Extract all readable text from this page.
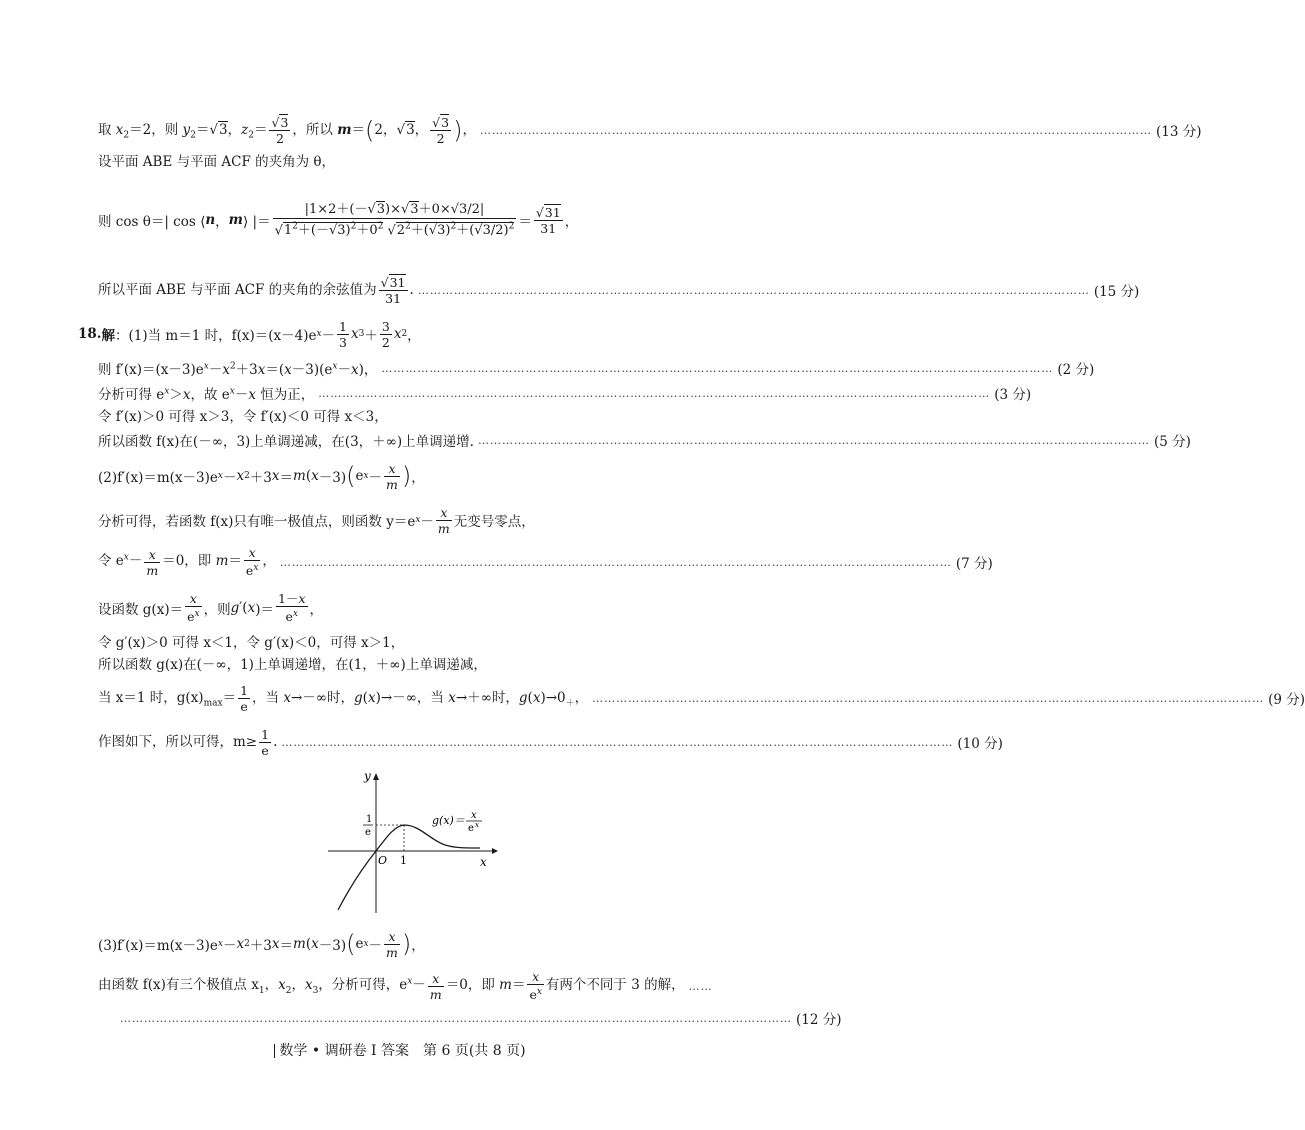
取 $x_2=2$，则 $y_2=√3$，$z_2= \frac{√3}{2}$ ，所以 m＝(2，√3， $\frac{√3}{2}$ )， …………………………………………………………………………………………………………………………………………………… (13 分)
设平面 ABE 与平面 ACF 的夹角为 θ，
则 cos θ＝| cos ⟨ n ， m ⟩ |＝ $\frac{|1\times 2+(-√3)\times√3+0\times√3/2|}{√1^2+(-√3)^2+0^2 √2^2+(√3)^2+(√3/2)^2} = \frac{√31}{31}$ ，
所以平面 ABE 与平面 ACF 的夹角的余弦值为 $\frac{√31}{31}$ . …………………………………………………………………………………………………………………………………………………… (15 分)
18. 解 ：(1)当 m＝1 时，f(x)＝(x－4)e $x - \frac{1}{3}$ x $3 + \frac{3}{2}$ x 2 ，
则 $f'(x)=(x-3)e^x-x^2+3x=(x-3)(e^x-x)$， …………………………………………………………………………………………………………………………………………………… (2 分)
分析可得 $e^x>x$，故 $e^x-x$ 恒为正， …………………………………………………………………………………………………………………………………………………… (3 分)
令 f′(x)＞0 可得 x＞3，令 f′(x)＜0 可得 x＜3，
所以函数 f(x)在(－∞，3)上单调递减，在(3，＋∞)上单调递增. …………………………………………………………………………………………………………………………………………………… (5 分)
(2)f′(x)＝m(x－3)e x － x 2 ＋3 x ＝ m ( x －3) ( e $x - \frac{x}{m}$ ) ，
分析可得，若函数 f(x)只有唯一极值点，则函数 y＝e $x - \frac{x}{m}$ 无变号零点，
令 $e^x- \frac{x}{m} =0$，即 $m= \frac{x}{e^x}$ ， …………………………………………………………………………………………………………………………………………………… (7 分)
设函数 $g(x)= \frac{x}{e^x}$ ，则 g ′( x )＝ $\frac{1-x}{e^x}$ ，
令 g′(x)＞0 可得 x＜1，令 g′(x)＜0，可得 x＞1，
所以函数 g(x)在(－∞，1)上单调递增，在(1，＋∞)上单调递减，
当 x＝1 时，$g(x)_{max}= \frac{1}{e}$ ，当 x→－∞时，g(x)→－∞，当 x→＋∞时，$g(x)\to 0_+$， …………………………………………………………………………………………………………………………………………………… (9 分)
作图如下，所以可得，$m\ge \frac{1}{e}$ . …………………………………………………………………………………………………………………………………………………… (10 分)
y
x
O 1
1
e
g(x)＝ x
e x
(3)f′(x)＝m(x－3)e x － x 2 ＋3 x ＝ m ( x －3) ( e $x - \frac{x}{m}$ ) ，
由函数 f(x)有三个极值点 $x_1$，$x_2$，$x_3$，分析可得，$e^x- \frac{x}{m} =0$，即 $m= \frac{x}{e^x}$ 有两个不同于 3 的解， ……
…………………………………………………………………………………………………………………………………………………… (12 分)
数学 • 调研卷 Ⅰ 答案　第 6 页(共 8 页)
